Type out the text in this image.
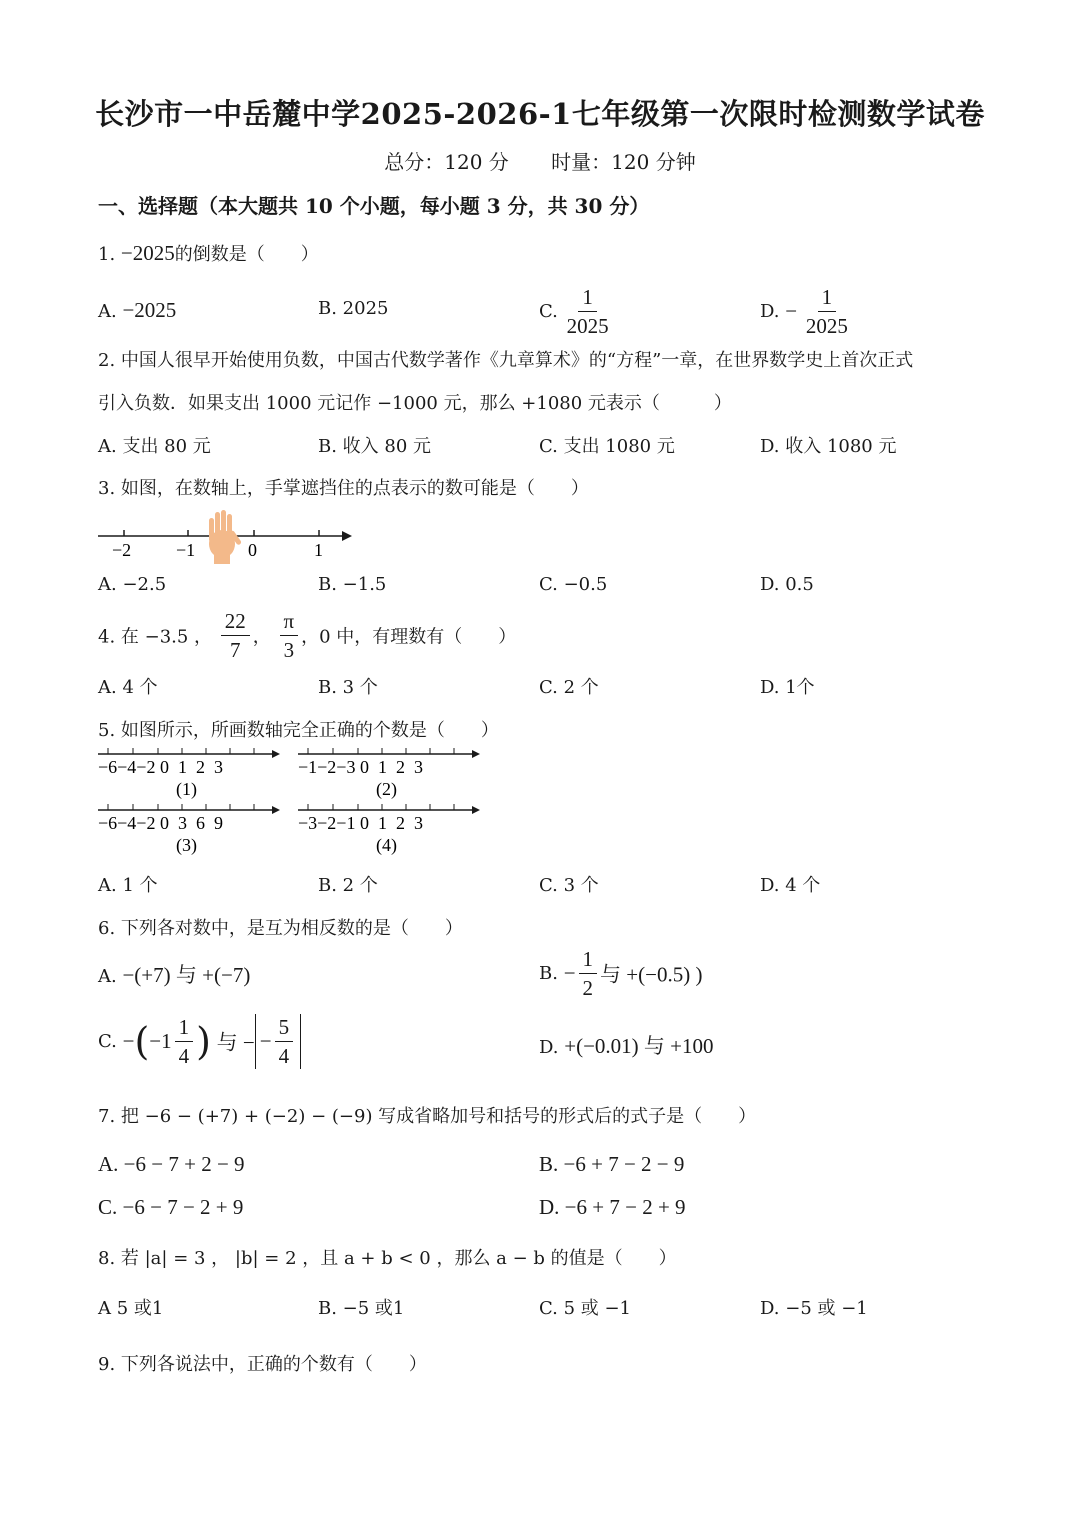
长沙市一中岳麓中学2025-2026-1七年级第一次限时检测数学试卷
总分：120 分 时量：120 分钟
一、选择题（本大题共 10 个小题，每小题 3 分，共 30 分）
1. −2025的倒数是（　　）
A. −2025	B. 2025	C. $\frac{1}{2025}$	D. − $\frac{1}{2025}$
2. 中国人很早开始使用负数，中国古代数学著作《九章算术》的“方程”一章，在世界数学史上首次正式
引入负数．如果支出 1000 元记作 −1000 元，那么 +1080 元表示（　　　）
A. 支出 80 元	B. 收入 80 元	C. 支出 1080 元	D. 收入 1080 元
3. 如图，在数轴上，手掌遮挡住的点表示的数可能是（　　）
−2 −1	0	1
A. −2.5	B. −1.5	C. −0.5	D. 0.5
4. 在 −3.5 ， $\frac{22}{7}$ ， $\frac{\pi}{3}$ ，0 中，有理数有（　　）
A. 4 个	B. 3 个	C. 2 个	D. 1个
5. 如图所示，所画数轴完全正确的个数是（　　）
−6−4−2 0  1  2  3
(1)
−1−2−3 0  1  2  3
(2)
−6−4−2 0  3  6  9
(3)
−3−2−1 0  1  2  3
(4)
A. 1 个	B. 2 个	C. 3 个	D. 4 个
6. 下列各对数中，是互为相反数的是（　　）
A. −(+7) 与 +(−7)	B. − $\frac{1}{2}$ 与 +(−0.5) )
C. $-(-1 \frac{1}{4}$ ) 与 − − $\frac{5}{4}$	D. +(−0.01) 与 +100
7. 把 −6 − (+7) + (−2) − (−9) 写成省略加号和括号的形式后的式子是（　　）
A. −6 − 7 + 2 − 9	B. −6 + 7 − 2 − 9
C. −6 − 7 − 2 + 9	D. −6 + 7 − 2 + 9
8. 若 |a| = 3 ， |b| = 2 ，且 a + b < 0 ，那么 a − b 的值是（　　）
A 5 或1	B. −5 或1	C. 5 或 −1	D. −5 或 −1
9. 下列各说法中，正确的个数有（　　）
